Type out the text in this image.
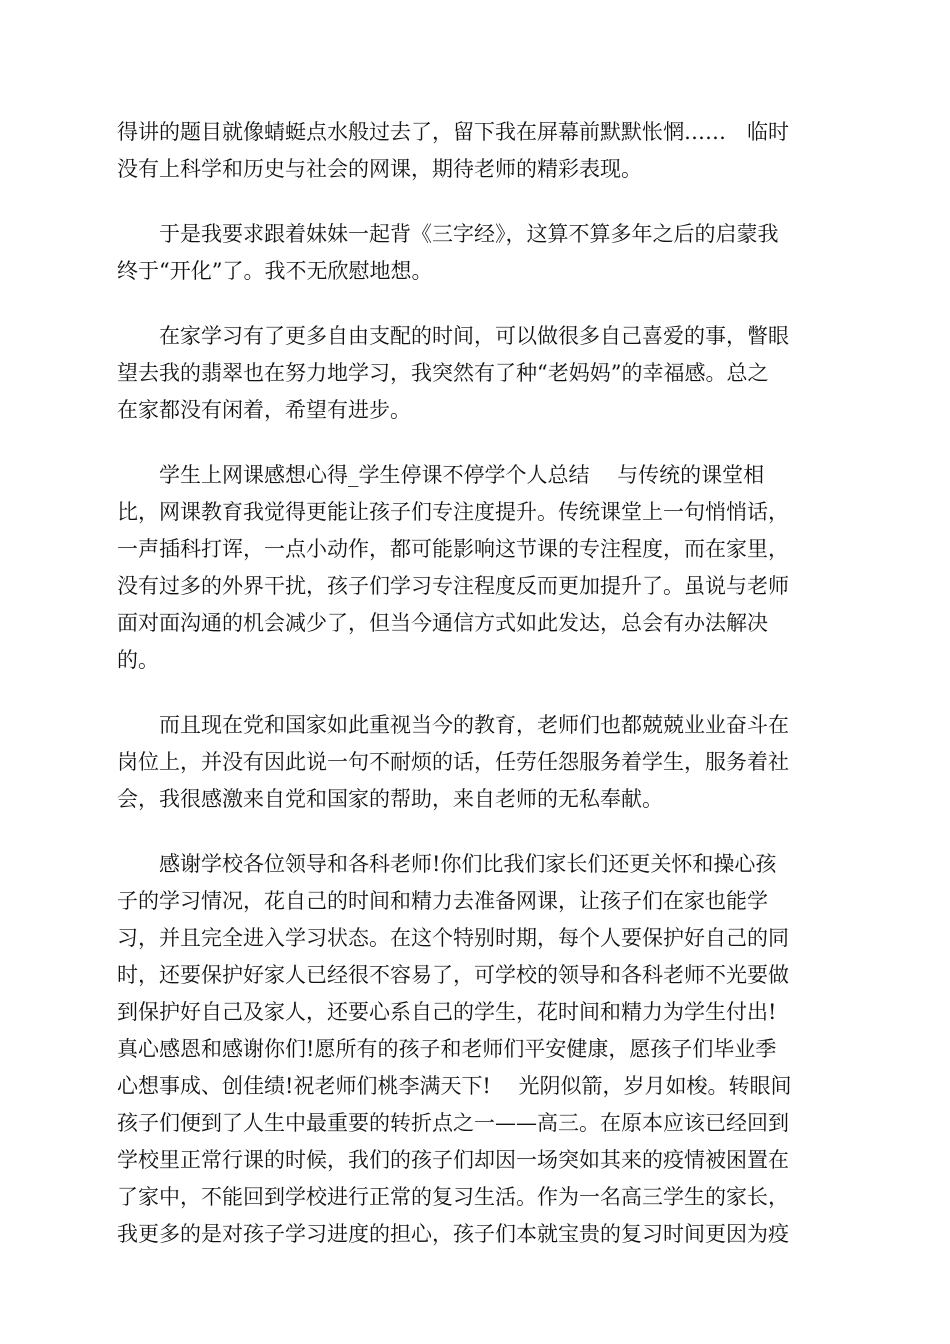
得讲的题目就像蜻蜓点水般过去了，留下我在屏幕前默默怅惘……　临时
没有上科学和历史与社会的网课，期待老师的精彩表现。
　　于是我要求跟着妹妹一起背《三字经》，这算不算多年之后的启蒙我
终于“开化”了。我不无欣慰地想。
　　在家学习有了更多自由支配的时间，可以做很多自己喜爱的事，瞥眼
望去我的翡翠也在努力地学习，我突然有了种“老妈妈”的幸福感。总之
在家都没有闲着，希望有进步。
　　学生上网课感想心得_学生停课不停学个人总结　 与传统的课堂相
比，网课教育我觉得更能让孩子们专注度提升。传统课堂上一句悄悄话，
一声插科打诨，一点小动作，都可能影响这节课的专注程度，而在家里，
没有过多的外界干扰，孩子们学习专注程度反而更加提升了。虽说与老师
面对面沟通的机会减少了，但当今通信方式如此发达，总会有办法解决
的。
　　而且现在党和国家如此重视当今的教育，老师们也都兢兢业业奋斗在
岗位上，并没有因此说一句不耐烦的话，任劳任怨服务着学生，服务着社
会，我很感激来自党和国家的帮助，来自老师的无私奉献。
　　感谢学校各位领导和各科老师!你们比我们家长们还更关怀和操心孩
子的学习情况，花自己的时间和精力去准备网课，让孩子们在家也能学
习，并且完全进入学习状态。在这个特别时期，每个人要保护好自己的同
时，还要保护好家人已经很不容易了，可学校的领导和各科老师不光要做
到保护好自己及家人，还要心系自己的学生，花时间和精力为学生付出!
真心感恩和感谢你们!愿所有的孩子和老师们平安健康，愿孩子们毕业季
心想事成、创佳绩!祝老师们桃李满天下!　 光阴似箭，岁月如梭。转眼间
孩子们便到了人生中最重要的转折点之一——高三。在原本应该已经回到
学校里正常行课的时候，我们的孩子们却因一场突如其来的疫情被困置在
了家中，不能回到学校进行正常的复习生活。作为一名高三学生的家长，
我更多的是对孩子学习进度的担心，孩子们本就宝贵的复习时间更因为疫
